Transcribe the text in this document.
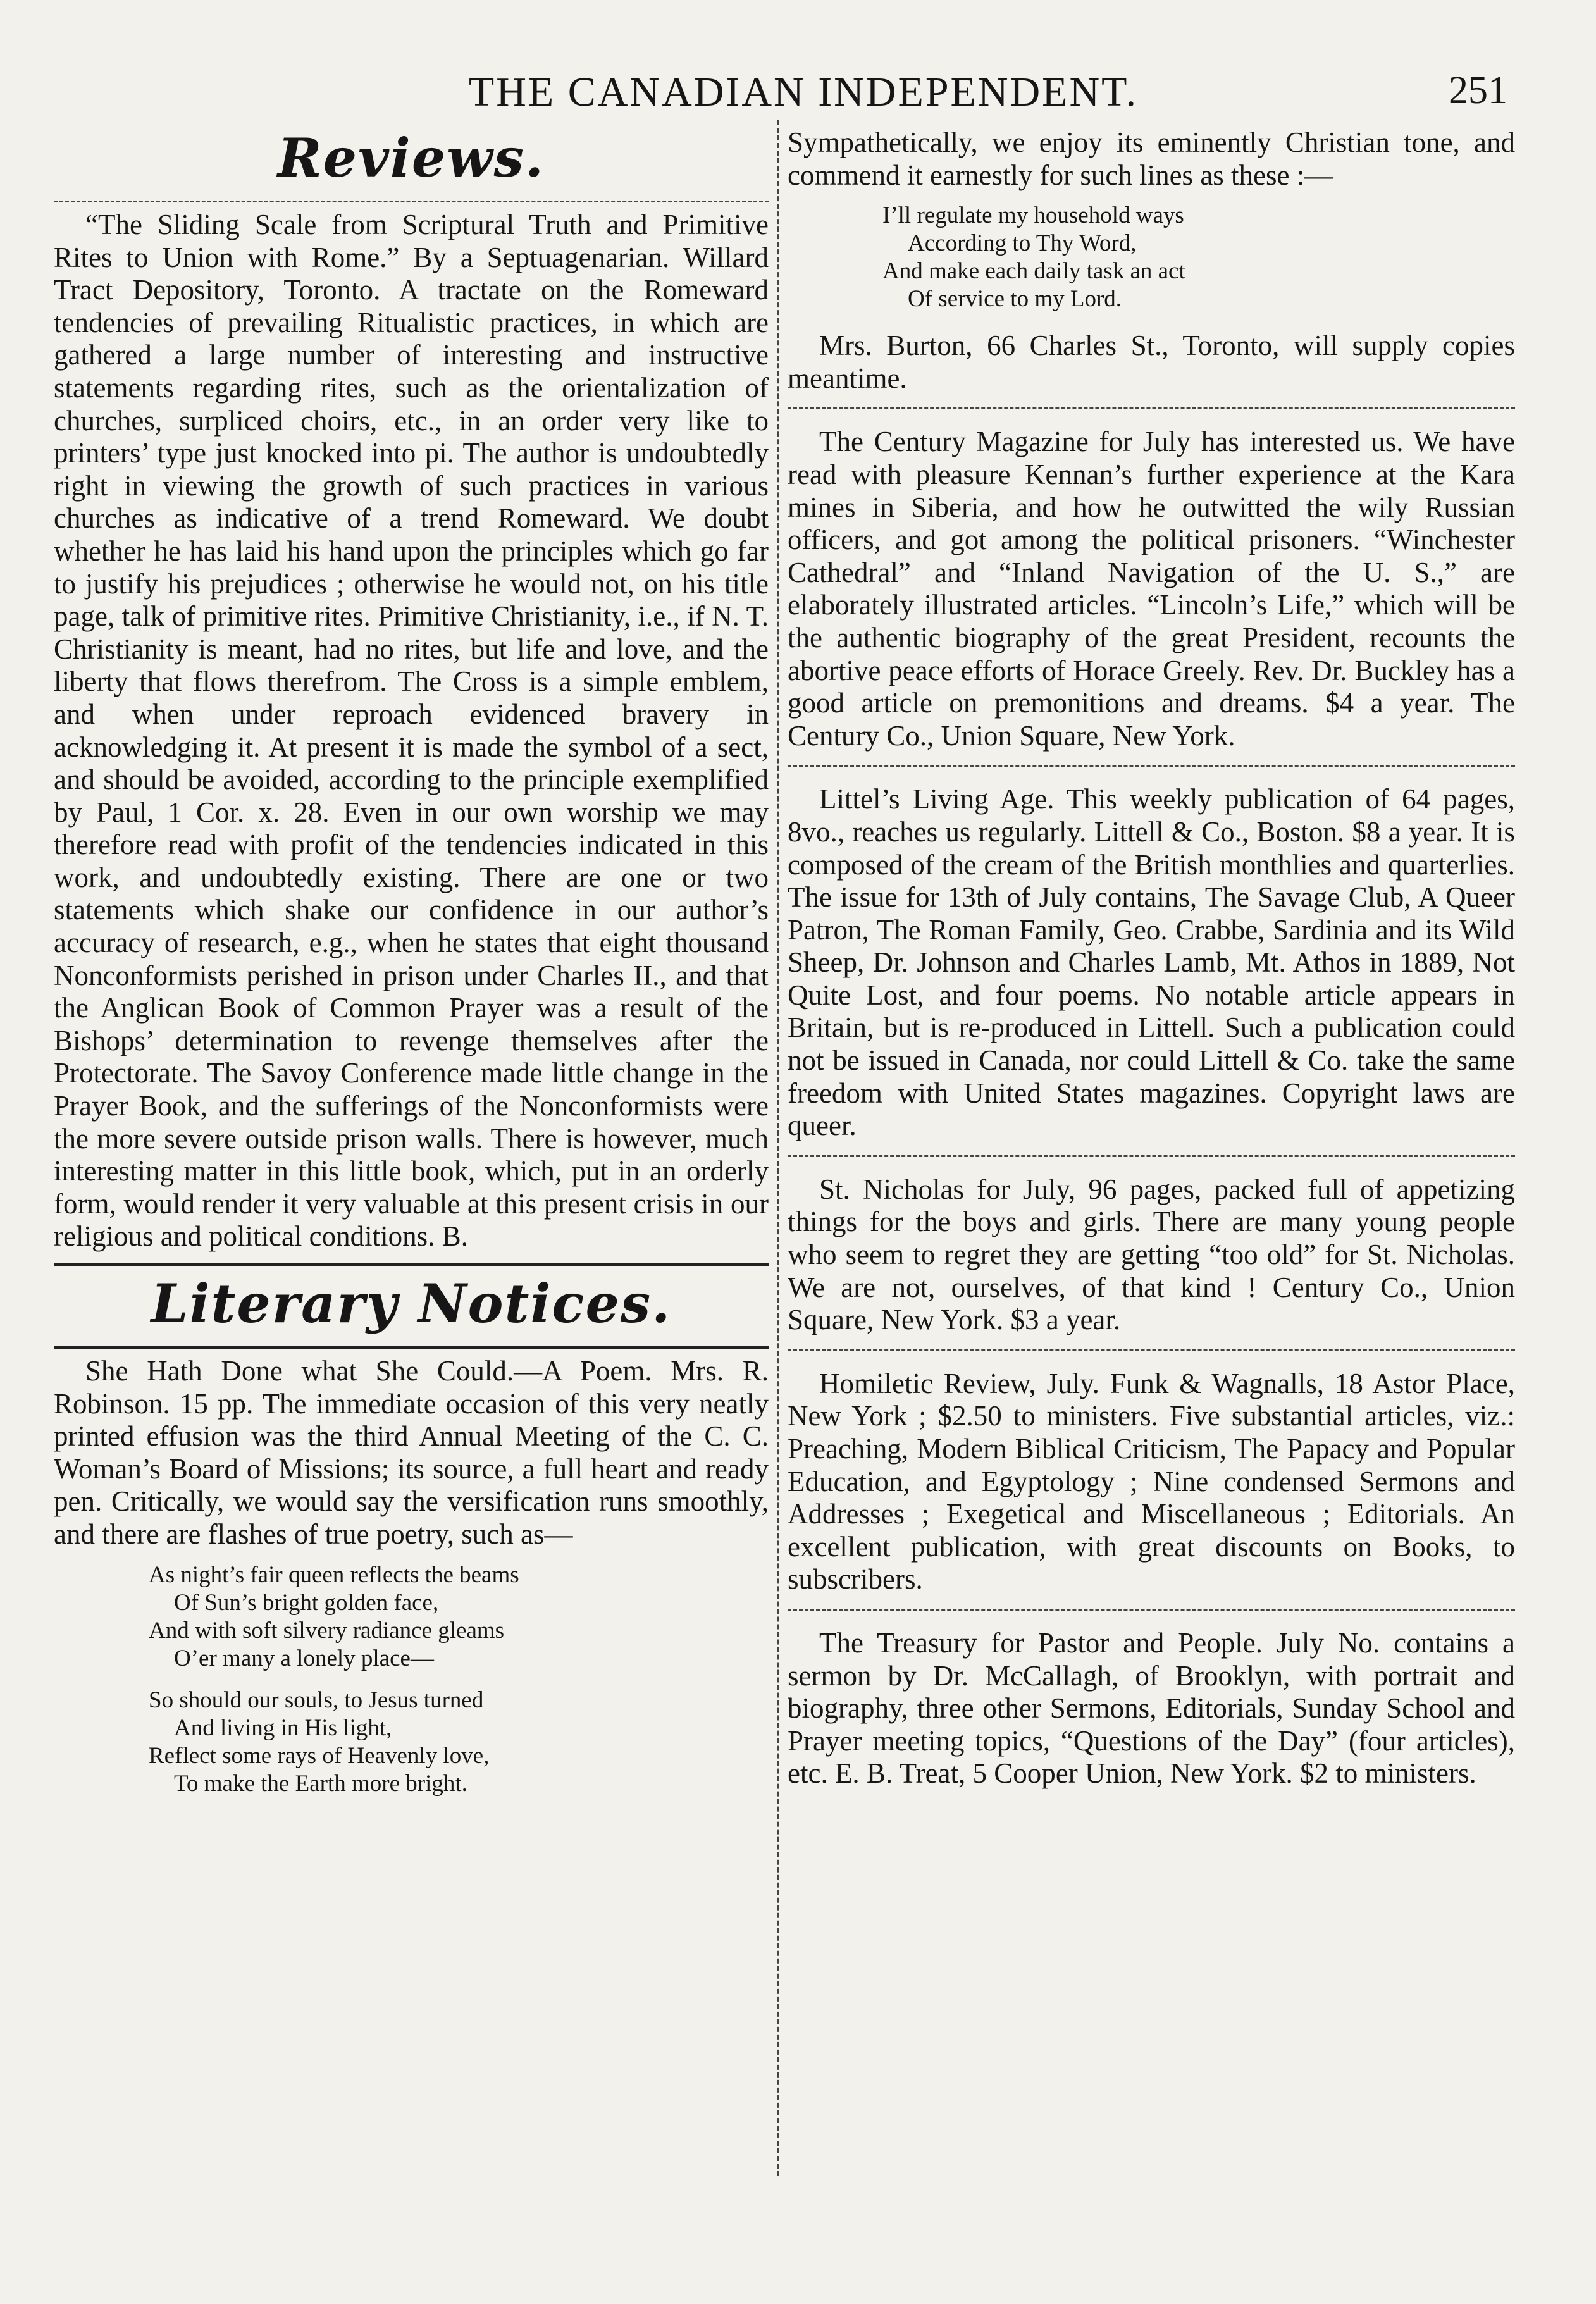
THE CANADIAN INDEPENDENT.	251
Reviews.

“The Sliding Scale from Scriptural Truth and Primitive Rites to Union with Rome.” By a Septuagenarian. Willard Tract Depository, Toronto. A tractate on the Romeward tendencies of prevailing Ritualistic practices, in which are gathered a large number of interesting and instructive statements regarding rites, such as the orientalization of churches, surpliced choirs, etc., in an order very like to printers’ type just knocked into pi. The author is undoubtedly right in viewing the growth of such practices in various churches as indicative of a trend Romeward. We doubt whether he has laid his hand upon the principles which go far to justify his prejudices ; otherwise he would not, on his title page, talk of primitive rites. Primitive Christianity, i.e., if N. T. Christianity is meant, had no rites, but life and love, and the liberty that flows therefrom. The Cross is a simple emblem, and when under reproach evidenced bravery in acknowledging it. At present it is made the symbol of a sect, and should be avoided, according to the principle exemplified by Paul, 1 Cor. x. 28. Even in our own worship we may therefore read with profit of the tendencies indicated in this work, and undoubtedly existing. There are one or two statements which shake our confidence in our author’s accuracy of research, e.g., when he states that eight thousand Nonconformists perished in prison under Charles II., and that the Anglican Book of Common Prayer was a result of the Bishops’ determination to revenge themselves after the Protectorate. The Savoy Conference made little change in the Prayer Book, and the sufferings of the Nonconformists were the more severe outside prison walls. There is however, much interesting matter in this little book, which, put in an orderly form, would render it very valuable at this present crisis in our religious and political conditions. B.

Literary Notices.

She Hath Done what She Could.—A Poem. Mrs. R. Robinson. 15 pp. The immediate occasion of this very neatly printed effusion was the third Annual Meeting of the C. C. Woman’s Board of Missions; its source, a full heart and ready pen. Critically, we would say the versification runs smoothly, and there are flashes of true poetry, such as—

As night’s fair queen reflects the beams
Of Sun’s bright golden face,
And with soft silvery radiance gleams
O’er many a lonely place—
So should our souls, to Jesus turned
And living in His light,
Reflect some rays of Heavenly love,
To make the Earth more bright.

Sympathetically, we enjoy its eminently Christian tone, and commend it earnestly for such lines as these :—

I’ll regulate my household ways
According to Thy Word,
And make each daily task an act
Of service to my Lord.

Mrs. Burton, 66 Charles St., Toronto, will supply copies meantime.

The Century Magazine for July has interested us. We have read with pleasure Kennan’s further experience at the Kara mines in Siberia, and how he outwitted the wily Russian officers, and got among the political prisoners. “Winchester Cathedral” and “Inland Navigation of the U. S.,” are elaborately illustrated articles. “Lincoln’s Life,” which will be the authentic biography of the great President, recounts the abortive peace efforts of Horace Greely. Rev. Dr. Buckley has a good article on premonitions and dreams. $4 a year. The Century Co., Union Square, New York.

Littel’s Living Age. This weekly publication of 64 pages, 8vo., reaches us regularly. Littell & Co., Boston. $8 a year. It is composed of the cream of the British monthlies and quarterlies. The issue for 13th of July contains, The Savage Club, A Queer Patron, The Roman Family, Geo. Crabbe, Sardinia and its Wild Sheep, Dr. Johnson and Charles Lamb, Mt. Athos in 1889, Not Quite Lost, and four poems. No notable article appears in Britain, but is re-produced in Littell. Such a publication could not be issued in Canada, nor could Littell & Co. take the same freedom with United States magazines. Copyright laws are queer.

St. Nicholas for July, 96 pages, packed full of appetizing things for the boys and girls. There are many young people who seem to regret they are getting “too old” for St. Nicholas. We are not, ourselves, of that kind ! Century Co., Union Square, New York. $3 a year.

Homiletic Review, July. Funk & Wagnalls, 18 Astor Place, New York ; $2.50 to ministers. Five substantial articles, viz.: Preaching, Modern Biblical Criticism, The Papacy and Popular Education, and Egyptology ; Nine condensed Sermons and Addresses ; Exegetical and Miscellaneous ; Editorials. An excellent publication, with great discounts on Books, to subscribers.

The Treasury for Pastor and People. July No. contains a sermon by Dr. McCallagh, of Brooklyn, with portrait and biography, three other Sermons, Editorials, Sunday School and Prayer meeting topics, “Questions of the Day” (four articles), etc. E. B. Treat, 5 Cooper Union, New York. $2 to ministers.
